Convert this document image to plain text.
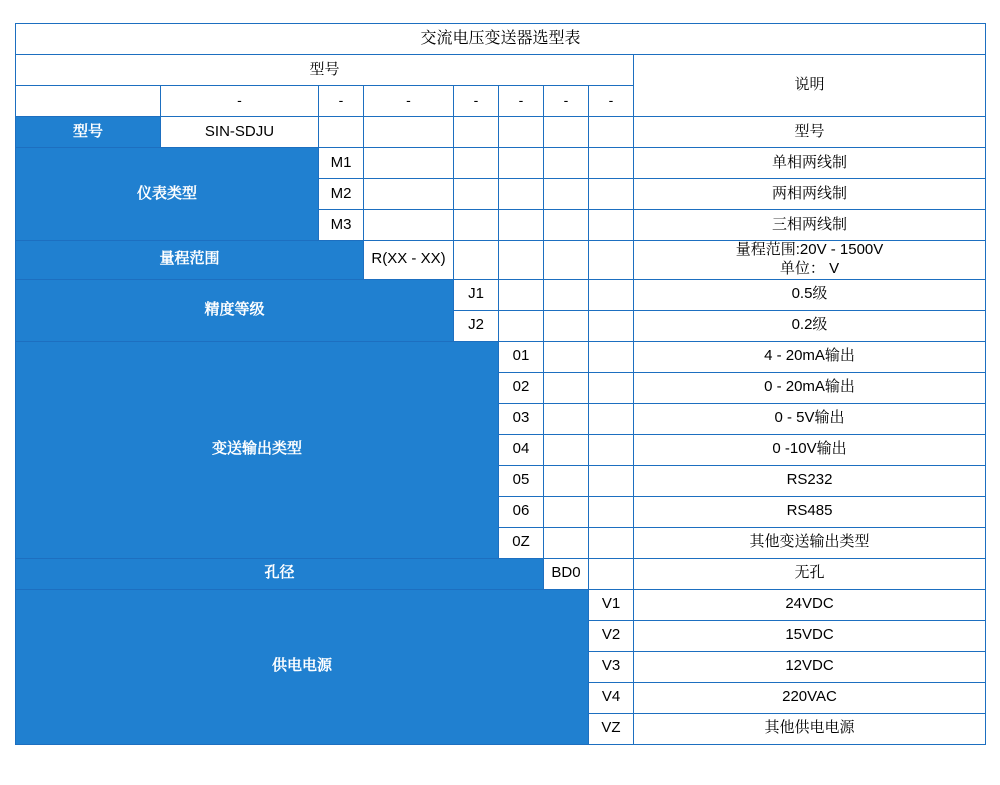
交流电压变送器选型表								
型号								说明
	-	-	-	-	-	-	-	
型号	SIN-SDJU							型号
仪表类型		M1						单相两线制
		M2						两相两线制
		M3						三相两线制
量程范围			R(XX - XX)					量程范围:20V - 1500V
单位： V

精度等级				J1				0.5级
				J2				0.2级
变送输出类型					01			4 - 20mA输出
					02			0 - 20mA输出
					03			0 - 5V输出
					04			0 -10V输出
					05			RS232
					06			RS485
					0Z			其他变送输出类型
孔径						BD0		无孔
供电电源							V1	24VDC
							V2	15VDC
							V3	12VDC
							V4	220VAC
							VZ	其他供电电源
